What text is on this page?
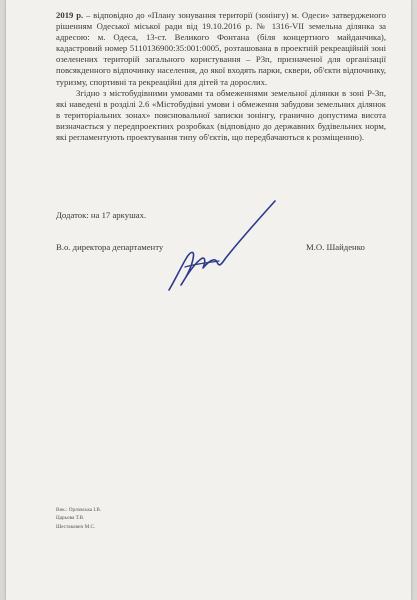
2019 р. – відповідно до «Плану зонування території (зонінгу) м. Одеси» затвердженого рішенням Одеської міської ради від 19.10.2016 р. № 1316-VII земельна ділянка за адресою: м. Одеса, 13-ст. Великого Фонтана (біля концертного майданчика), кадастровий номер 5110136900:35:001:0005, розташована в проектній рекреаційній зоні озеленених територій загального користування – Р3п, призначеної для організації повсякденного відпочинку населення, до якої входять парки, сквери, об'єкти відпочинку, туризму, спортивні та рекреаційні для дітей та дорослих.

Згідно з містобудівними умовами та обмеженнями земельної ділянки в зоні Р-3п, які наведені в розділі 2.6 «Містобудівні умови і обмеження забудови земельних ділянок в територіальних зонах» пояснювальної записки зонінгу, гранично допустима висота визначається у передпроектних розробках (відповідно до державних будівельних норм, які регламентують проектування типу об'єктів, що передбачаються к розміщенню).

Додаток: на 17 аркушах.
В.о. директора департаменту	М.О. Шайденко
Вик.: Орловська І.В.
Царьова Т.В.
Шестакович М.С.
